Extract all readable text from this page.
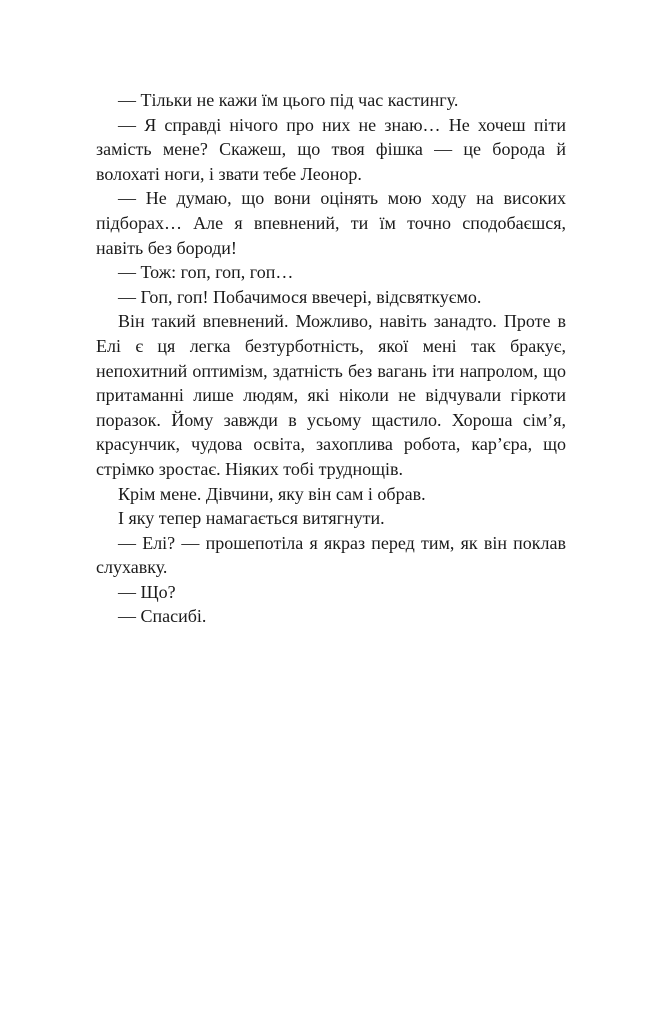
— Тільки не кажи їм цього під час кастингу.

— Я справді нічого про них не знаю… Не хочеш піти замість мене? Скажеш, що твоя фішка — це борода й волохаті ноги, і звати тебе Леонор.

— Не думаю, що вони оцінять мою ходу на високих підборах… Але я впевнений, ти їм точно сподобаєшся, навіть без бороди!

— Тож: гоп, гоп, гоп…

— Гоп, гоп! Побачимося ввечері, відсвяткуємо.

Він такий впевнений. Можливо, навіть занадто. Проте в Елі є ця легка безтурботність, якої мені так бракує, непохитний оптимізм, здатність без вагань іти напролом, що притаманні лише людям, які ніколи не відчували гіркоти поразок. Йому завжди в усьому щастило. Хороша сім’я, красунчик, чудова освіта, захоплива робота, кар’єра, що стрімко зростає. Ніяких тобі труднощів.

Крім мене. Дівчини, яку він сам і обрав.

І яку тепер намагається витягнути.

— Елі? — прошепотіла я якраз перед тим, як він поклав слухавку.

— Що?

— Спасибі.
